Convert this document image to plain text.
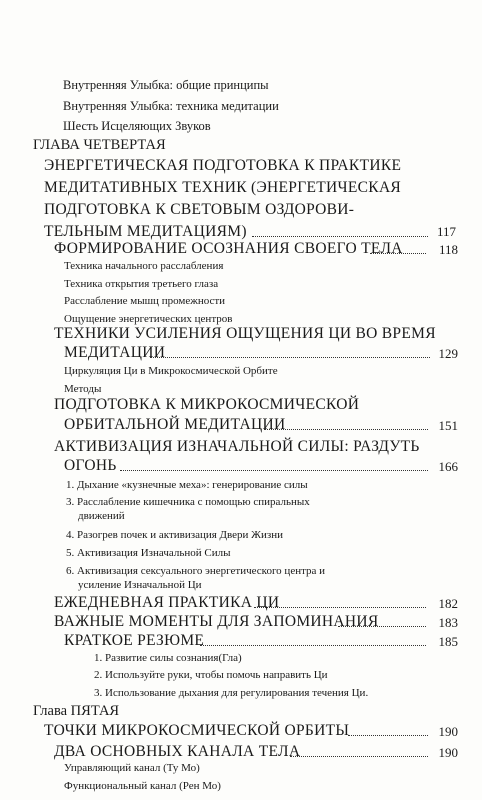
Внутренняя Улыбка: общие принципы
Внутренняя Улыбка: техника медитации
Шесть Исцеляющих Звуков
ГЛАВА ЧЕТВЕРТАЯ
ЭНЕРГЕТИЧЕСКАЯ ПОДГОТОВКА К ПРАКТИКЕ
МЕДИТАТИВНЫХ ТЕХНИК (ЭНЕРГЕТИЧЕСКАЯ
ПОДГОТОВКА К СВЕТОВЫМ ОЗДОРОВИ-
ТЕЛЬНЫМ МЕДИТАЦИЯМ)	117
ФОРМИРОВАНИЕ ОСОЗНАНИЯ СВОЕГО ТЕЛА	118
Техника начального расслабления
Техника открытия третьего глаза
Расслабление мышц промежности
Ощущение энергетических центров
ТЕХНИКИ УСИЛЕНИЯ ОЩУЩЕНИЯ ЦИ ВО ВРЕМЯ
МЕДИТАЦИИ	129
Циркуляция Ци в Микрокосмической Орбите
Методы
ПОДГОТОВКА К МИКРОКОСМИЧЕСКОЙ
ОРБИТАЛЬНОЙ МЕДИТАЦИИ	151
АКТИВИЗАЦИЯ ИЗНАЧАЛЬНОЙ СИЛЫ: РАЗДУТЬ
ОГОНЬ	166
1. Дыхание «кузнечные меха»: генерирование силы
3. Расслабление кишечника с помощью спиральных
движений
4. Разогрев почек и активизация Двери Жизни
5. Активизация Изначальной Силы
6. Активизация сексуального энергетического центра и
усиление Изначальной Ци
ЕЖЕДНЕВНАЯ ПРАКТИКА ЦИ	182
ВАЖНЫЕ МОМЕНТЫ ДЛЯ ЗАПОМИНАНИЯ	183
КРАТКОЕ РЕЗЮМЕ	185
1. Развитие силы сознания(Гла)
2. Используйте руки, чтобы помочь направить Ци
3. Использование дыхания для регулирования течения Ци.
Глава ПЯТАЯ
ТОЧКИ МИКРОКОСМИЧЕСКОЙ ОРБИТЫ	190
ДВА ОСНОВНЫХ КАНАЛА ТЕЛА	190
Управляющий канал (Ту Мо)
Функциональный канал (Рен Мо)
